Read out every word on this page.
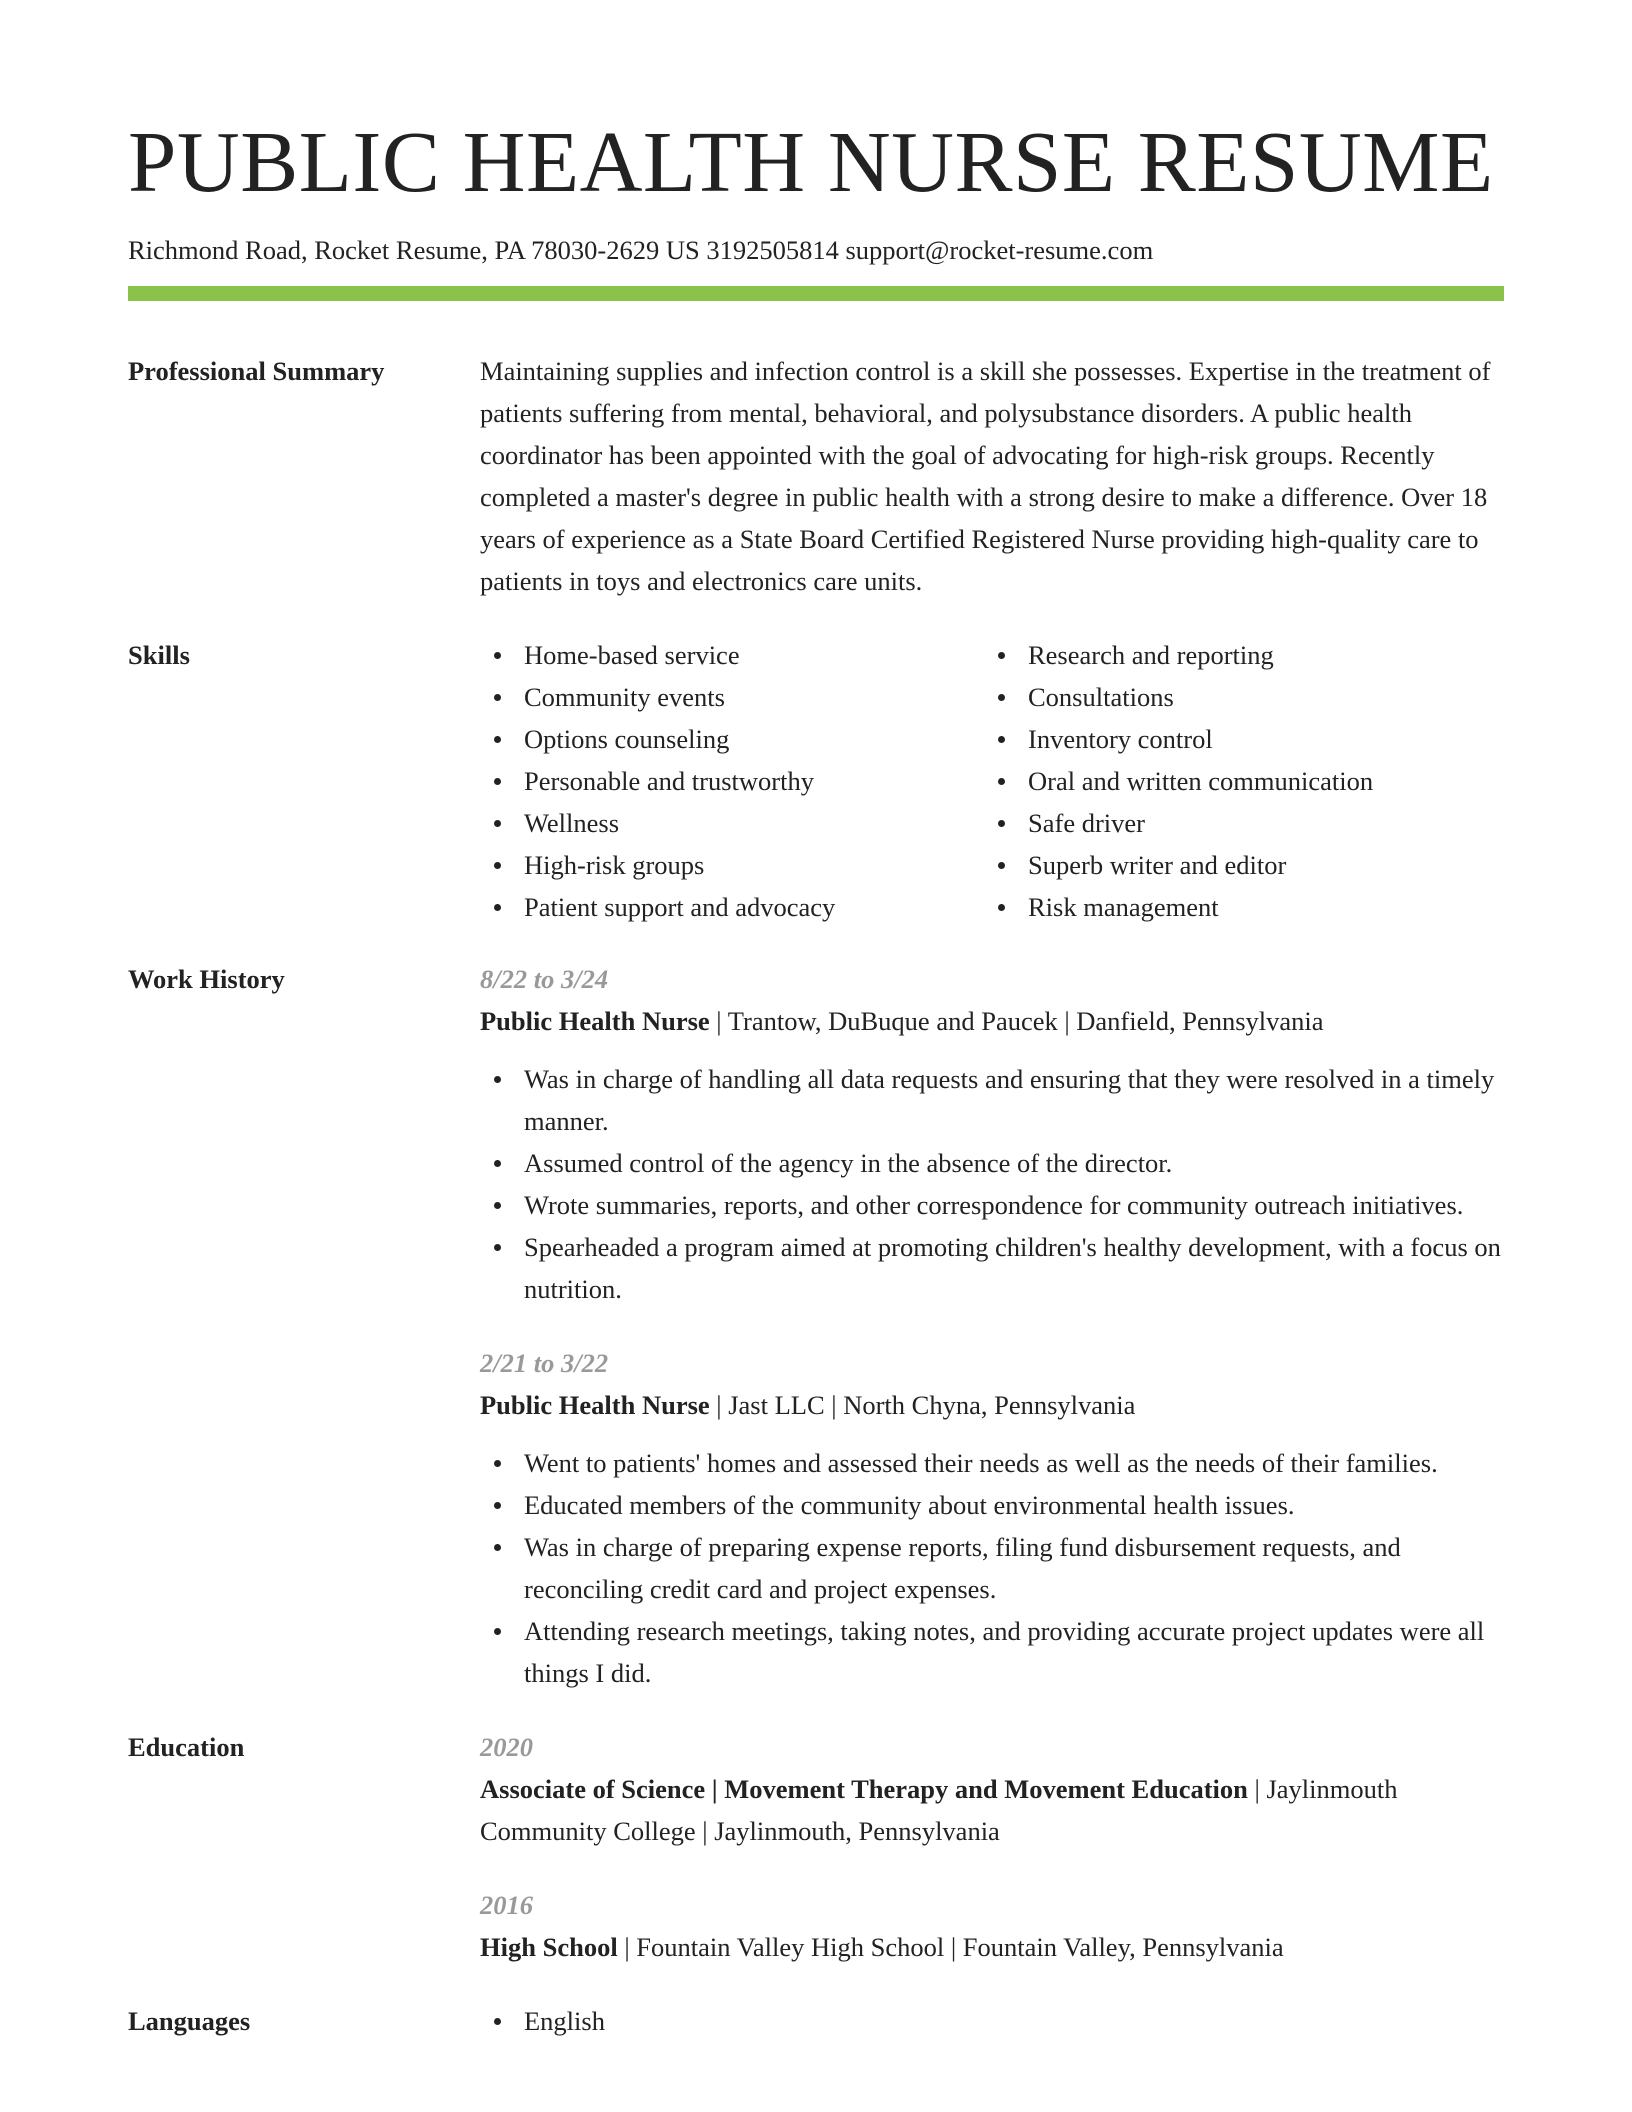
PUBLIC HEALTH NURSE RESUME
Richmond Road, Rocket Resume, PA 78030-2629 US 3192505814 support@rocket-resume.com
Professional Summary	Maintaining supplies and infection control is a skill she possesses. Expertise in the treatment of patients suffering from mental, behavioral, and polysubstance disorders. A public health coordinator has been appointed with the goal of advocating for high-risk groups. Recently completed a master's degree in public health with a strong desire to make a difference. Over 18 years of experience as a State Board Certified Registered Nurse providing high-quality care to patients in toys and electronics care units.

Skills	Home-based service
Community events
Options counseling
Personable and trustworthy
Wellness
High-risk groups
Patient support and advocacy
Research and reporting
Consultations
Inventory control
Oral and written communication
Safe driver
Superb writer and editor
Risk management
Work History	8/22 to 3/24
Public Health Nurse | Trantow, DuBuque and Paucek | Danfield, Pennsylvania
Was in charge of handling all data requests and ensuring that they were resolved in a timely manner.
Assumed control of the agency in the absence of the director.
Wrote summaries, reports, and other correspondence for community outreach initiatives.
Spearheaded a program aimed at promoting children's healthy development, with a focus on nutrition.
2/21 to 3/22
Public Health Nurse | Jast LLC | North Chyna, Pennsylvania
Went to patients' homes and assessed their needs as well as the needs of their families.
Educated members of the community about environmental health issues.
Was in charge of preparing expense reports, filing fund disbursement requests, and reconciling credit card and project expenses.
Attending research meetings, taking notes, and providing accurate project updates were all things I did.
Education	2020
Associate of Science | Movement Therapy and Movement Education | Jaylinmouth Community College | Jaylinmouth, Pennsylvania
2016
High School | Fountain Valley High School | Fountain Valley, Pennsylvania
Languages	English
